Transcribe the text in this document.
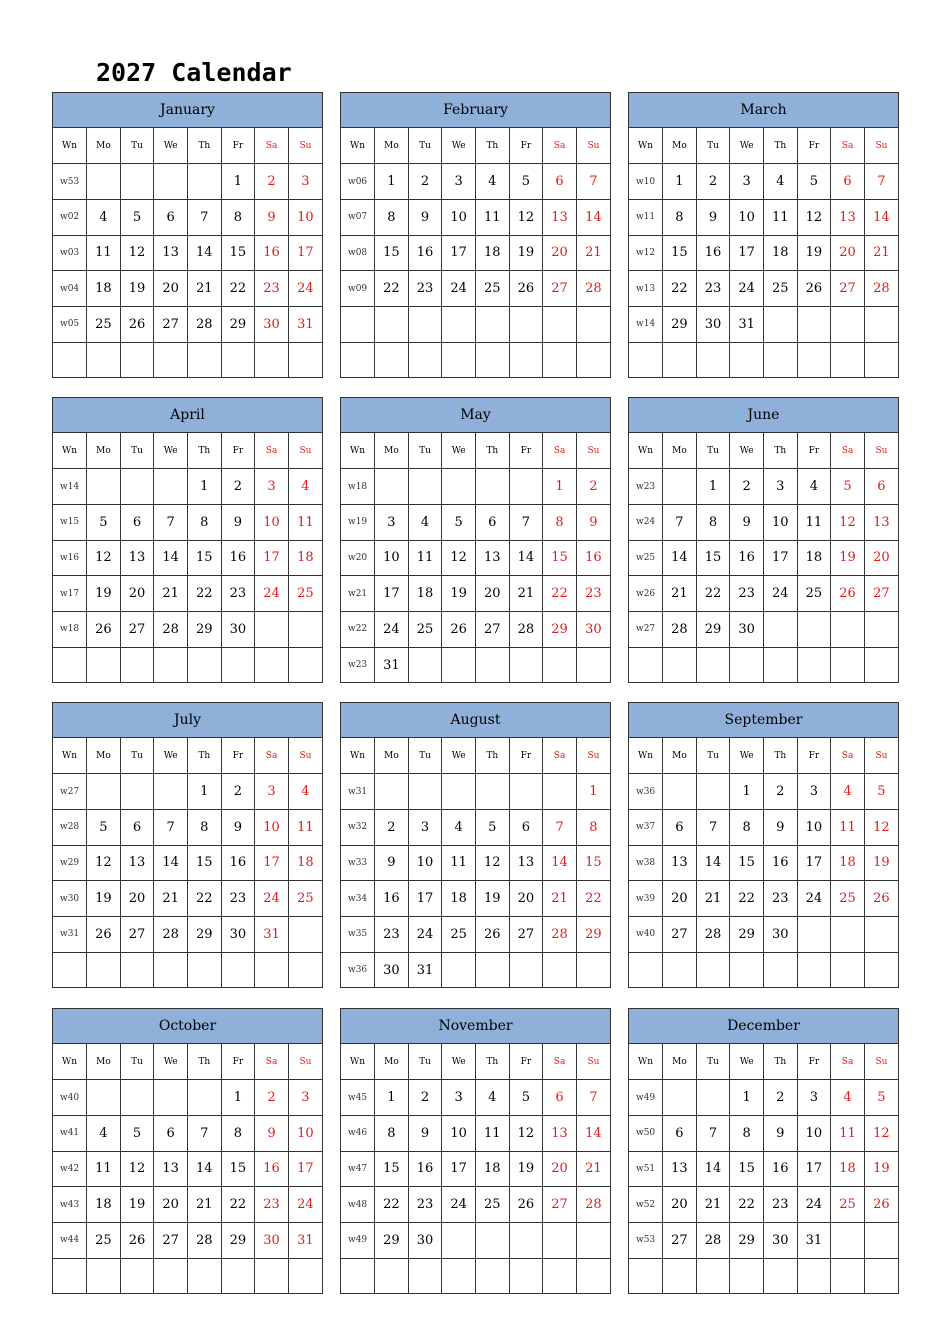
2027 Calendar
January
Wn	Mo	Tu	We	Th	Fr	Sa	Su
w53					1	2	3
w02	4	5	6	7	8	9	10
w03	11	12	13	14	15	16	17
w04	18	19	20	21	22	23	24
w05	25	26	27	28	29	30	31

February
Wn	Mo	Tu	We	Th	Fr	Sa	Su
w06	1	2	3	4	5	6	7
w07	8	9	10	11	12	13	14
w08	15	16	17	18	19	20	21
w09	22	23	24	25	26	27	28

March
Wn	Mo	Tu	We	Th	Fr	Sa	Su
w10	1	2	3	4	5	6	7
w11	8	9	10	11	12	13	14
w12	15	16	17	18	19	20	21
w13	22	23	24	25	26	27	28
w14	29	30	31				

April
Wn	Mo	Tu	We	Th	Fr	Sa	Su
w14				1	2	3	4
w15	5	6	7	8	9	10	11
w16	12	13	14	15	16	17	18
w17	19	20	21	22	23	24	25
w18	26	27	28	29	30		

May
Wn	Mo	Tu	We	Th	Fr	Sa	Su
w18						1	2
w19	3	4	5	6	7	8	9
w20	10	11	12	13	14	15	16
w21	17	18	19	20	21	22	23
w22	24	25	26	27	28	29	30
w23	31						
June
Wn	Mo	Tu	We	Th	Fr	Sa	Su
w23		1	2	3	4	5	6
w24	7	8	9	10	11	12	13
w25	14	15	16	17	18	19	20
w26	21	22	23	24	25	26	27
w27	28	29	30				

July
Wn	Mo	Tu	We	Th	Fr	Sa	Su
w27				1	2	3	4
w28	5	6	7	8	9	10	11
w29	12	13	14	15	16	17	18
w30	19	20	21	22	23	24	25
w31	26	27	28	29	30	31	

August
Wn	Mo	Tu	We	Th	Fr	Sa	Su
w31							1
w32	2	3	4	5	6	7	8
w33	9	10	11	12	13	14	15
w34	16	17	18	19	20	21	22
w35	23	24	25	26	27	28	29
w36	30	31					
September
Wn	Mo	Tu	We	Th	Fr	Sa	Su
w36			1	2	3	4	5
w37	6	7	8	9	10	11	12
w38	13	14	15	16	17	18	19
w39	20	21	22	23	24	25	26
w40	27	28	29	30			

October
Wn	Mo	Tu	We	Th	Fr	Sa	Su
w40					1	2	3
w41	4	5	6	7	8	9	10
w42	11	12	13	14	15	16	17
w43	18	19	20	21	22	23	24
w44	25	26	27	28	29	30	31

November
Wn	Mo	Tu	We	Th	Fr	Sa	Su
w45	1	2	3	4	5	6	7
w46	8	9	10	11	12	13	14
w47	15	16	17	18	19	20	21
w48	22	23	24	25	26	27	28
w49	29	30					

December
Wn	Mo	Tu	We	Th	Fr	Sa	Su
w49			1	2	3	4	5
w50	6	7	8	9	10	11	12
w51	13	14	15	16	17	18	19
w52	20	21	22	23	24	25	26
w53	27	28	29	30	31		
